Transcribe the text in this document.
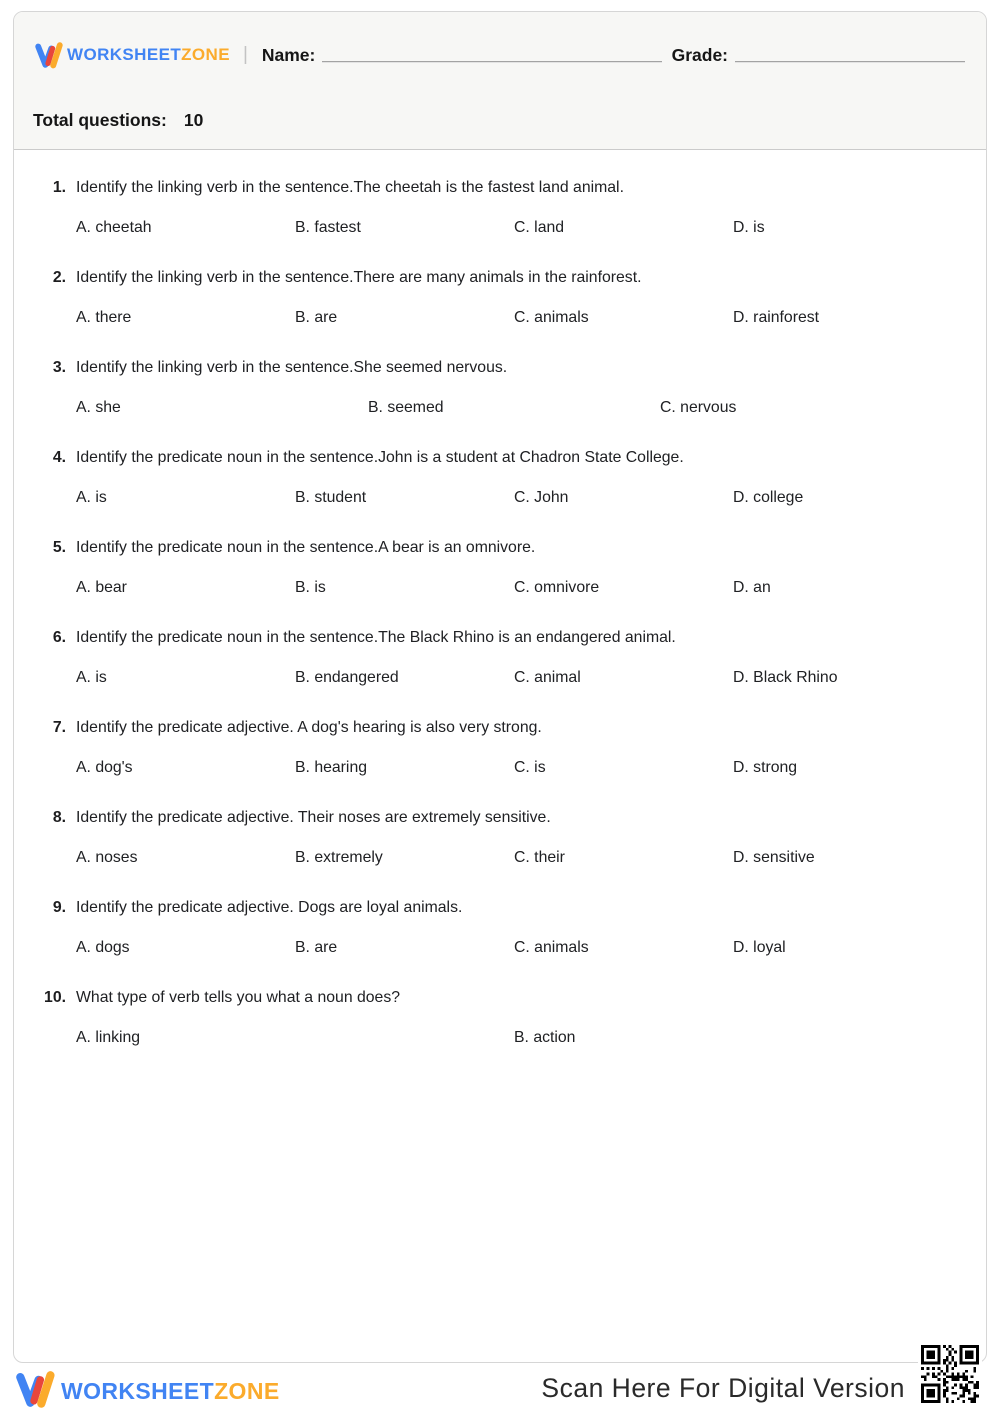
WORKSHEETZONE | Name:	Grade:
Total questions: 10
1. Identify the linking verb in the sentence.The cheetah is the fastest land animal.
A. cheetah	B. fastest	C. land	D. is
2. Identify the linking verb in the sentence.There are many animals in the rainforest.
A. there	B. are	C. animals	D. rainforest
3. Identify the linking verb in the sentence.She seemed nervous.
A. she	B. seemed	C. nervous
4. Identify the predicate noun in the sentence.John is a student at Chadron State College.
A. is	B. student	C. John	D. college
5. Identify the predicate noun in the sentence.A bear is an omnivore.
A. bear	B. is	C. omnivore	D. an
6. Identify the predicate noun in the sentence.The Black Rhino is an endangered animal.
A. is	B. endangered	C. animal	D. Black Rhino
7. Identify the predicate adjective. A dog's hearing is also very strong.
A. dog's	B. hearing	C. is	D. strong
8. Identify the predicate adjective. Their noses are extremely sensitive.
A. noses	B. extremely	C. their	D. sensitive
9. Identify the predicate adjective. Dogs are loyal animals.
A. dogs	B. are	C. animals	D. loyal
10. What type of verb tells you what a noun does?
A. linking	B. action
WORKSHEETZONE	Scan Here For Digital Version
